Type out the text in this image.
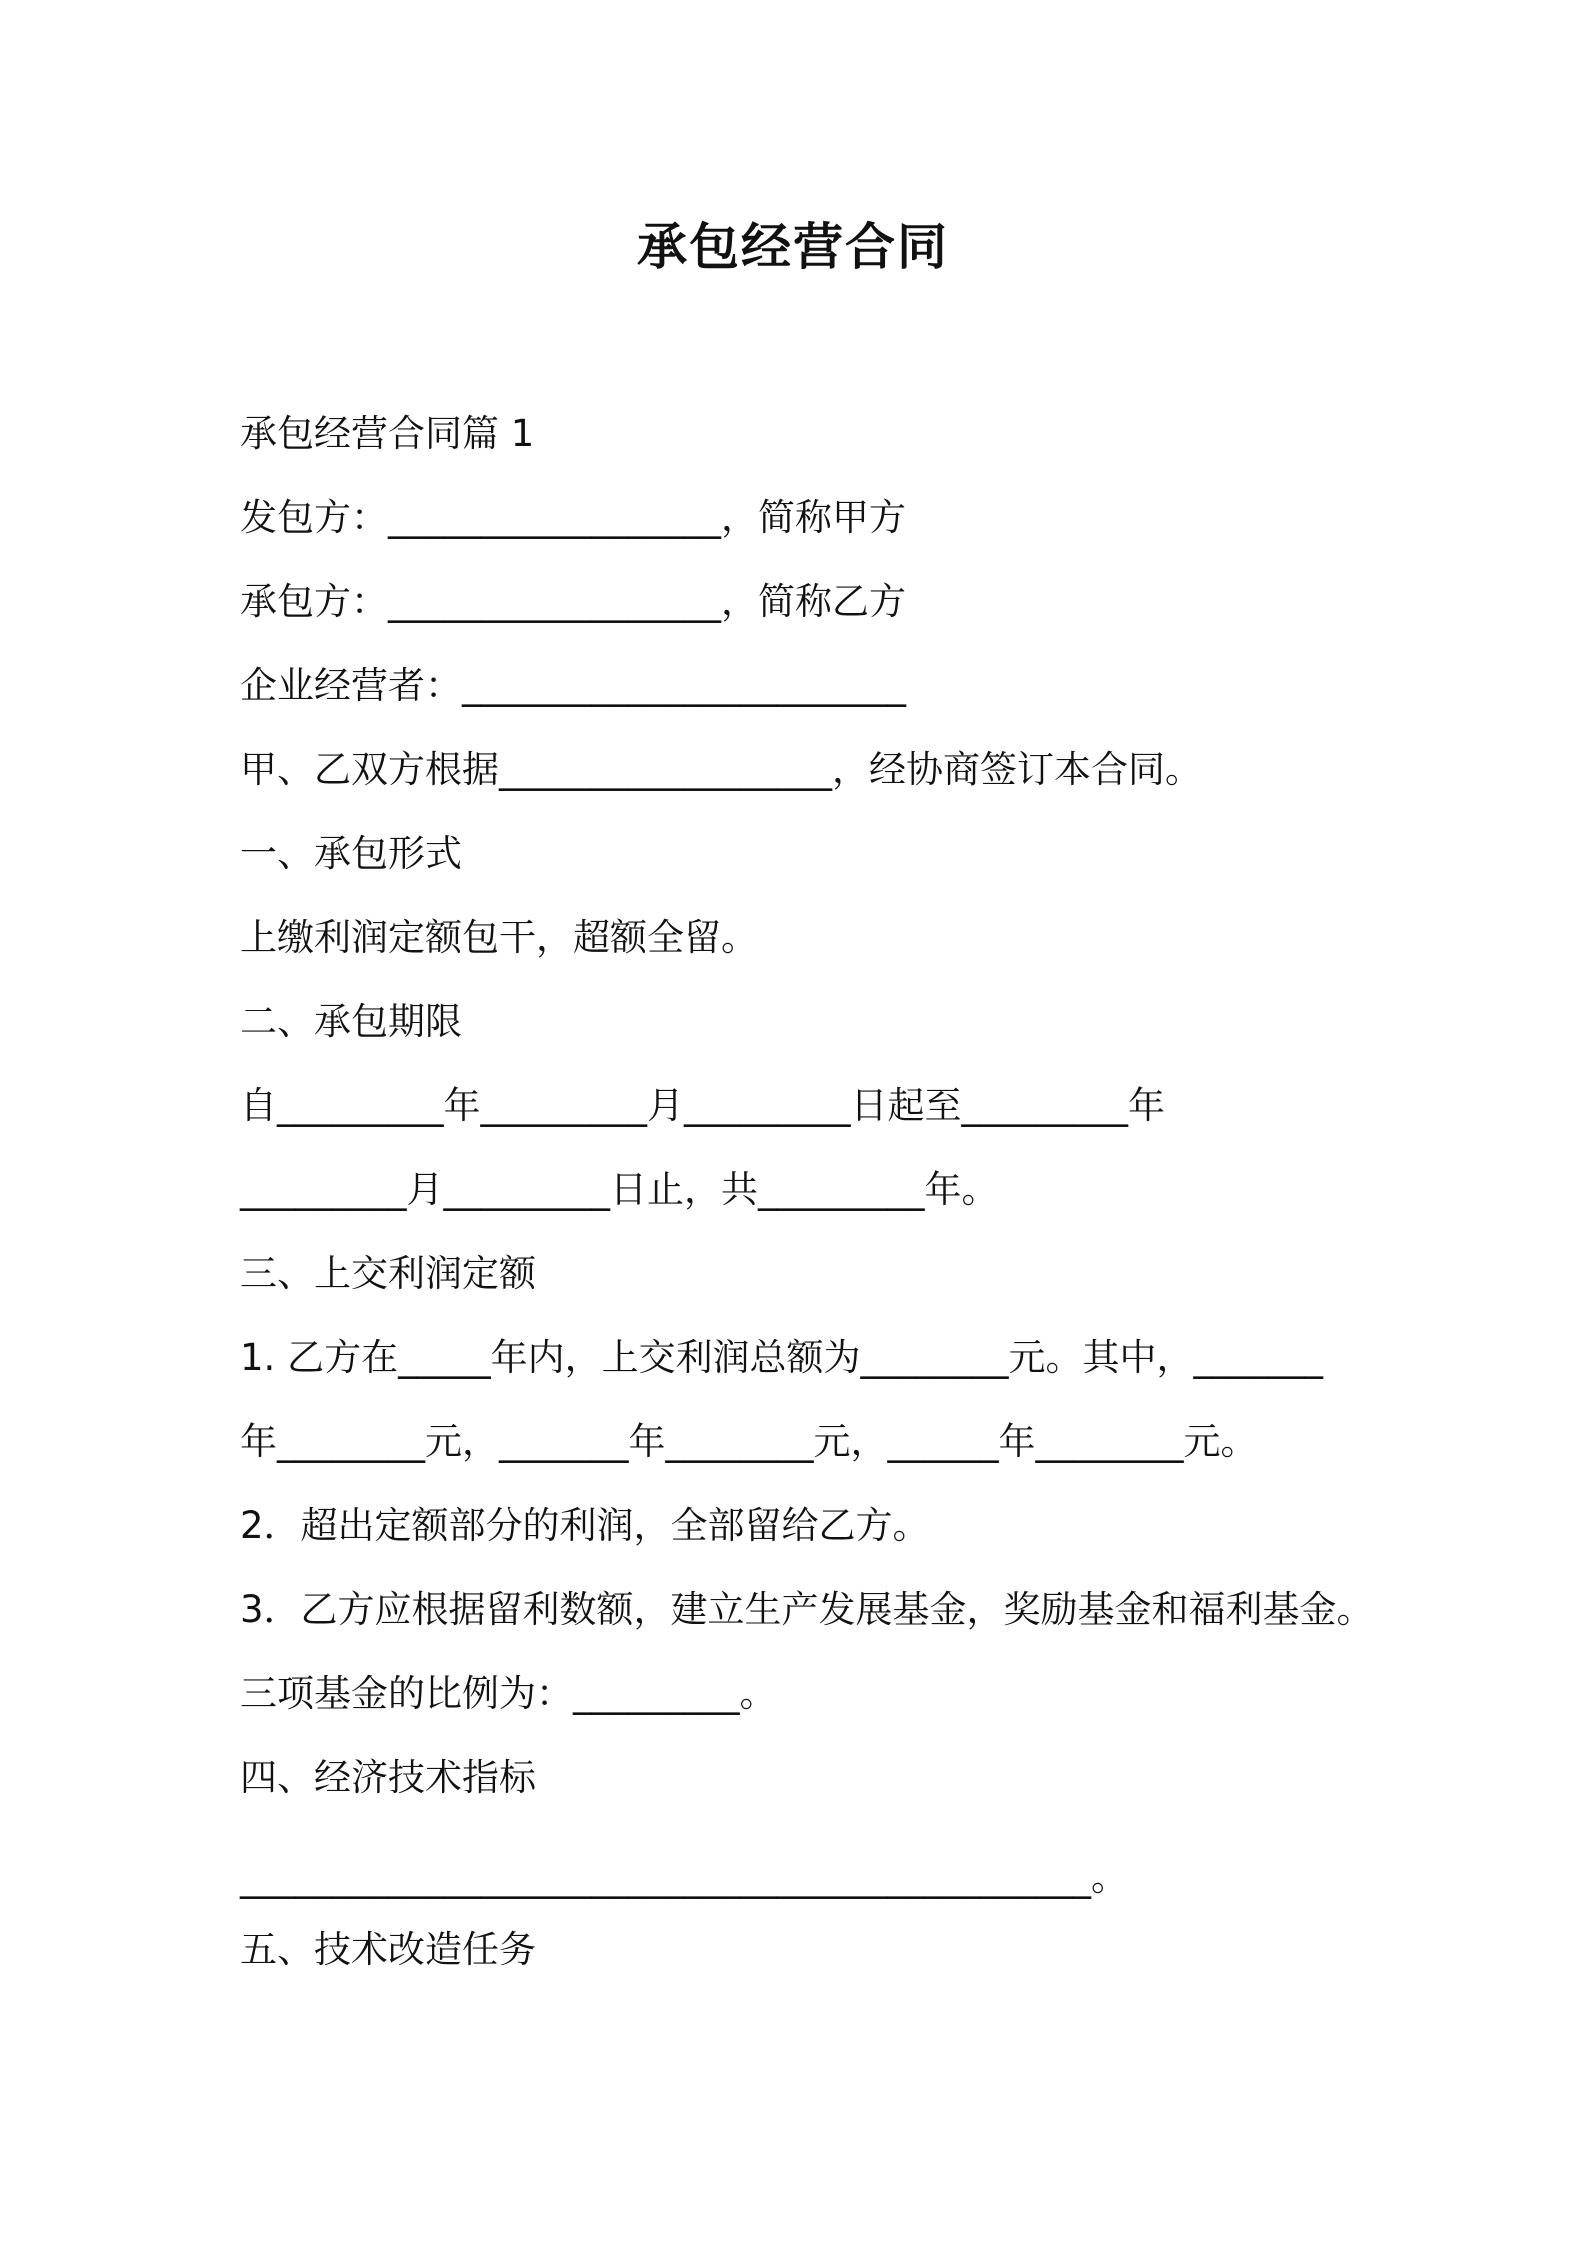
承包经营合同
承包经营合同篇 1
发包方：__________________，简称甲方
承包方：__________________，简称乙方
企业经营者：________________________
甲、乙双方根据__________________，经协商签订本合同。
一、承包形式
上缴利润定额包干，超额全留。
二、承包期限
自_________年_________月_________日起至_________年
_________月_________日止，共_________年。
三、上交利润定额
1. 乙方在_____年内，上交利润总额为________元。其中，_______
年________元，_______年________元，______年________元。
2．超出定额部分的利润，全部留给乙方。
3．乙方应根据留利数额，建立生产发展基金，奖励基金和福利基金。
三项基金的比例为：_________。
四、经济技术指标
______________________________________________。
五、技术改造任务
